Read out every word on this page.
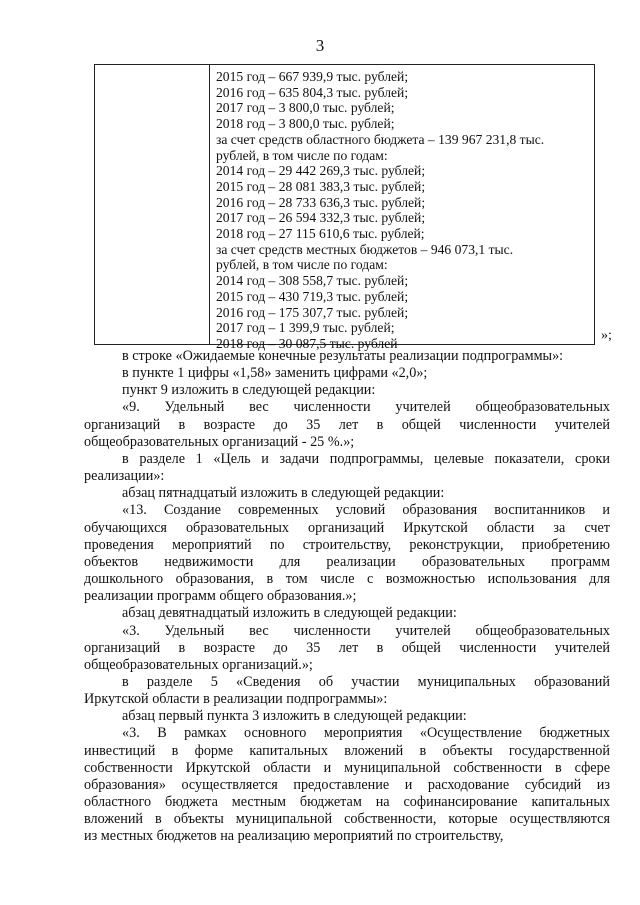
3
2015 год – 667 939,9 тыс. рублей;
2016 год – 635 804,3 тыс. рублей;
2017 год – 3 800,0 тыс. рублей;
2018 год – 3 800,0 тыс. рублей;
за счет средств областного бюджета – 139 967 231,8 тыс.
рублей, в том числе по годам:
2014 год – 29 442 269,3 тыс. рублей;
2015 год – 28 081 383,3 тыс. рублей;
2016 год – 28 733 636,3 тыс. рублей;
2017 год – 26 594 332,3 тыс. рублей;
2018 год – 27 115 610,6 тыс. рублей;
за счет средств местных бюджетов – 946 073,1 тыс.
рублей, в том числе по годам:
2014 год – 308 558,7 тыс. рублей;
2015 год – 430 719,3 тыс. рублей;
2016 год – 175 307,7 тыс. рублей;
2017 год – 1 399,9 тыс. рублей;
2018 год – 30 087,5 тыс. рублей
»;
в строке «Ожидаемые конечные результаты реализации подпрограммы»:
в пункте 1 цифры «1,58» заменить цифрами «2,0»;
пункт 9 изложить в следующей редакции:
«9. Удельный вес численности учителей общеобразовательных
организаций в возрасте до 35 лет в общей численности учителей
общеобразовательных организаций - 25 %.»;
в разделе 1 «Цель и задачи подпрограммы, целевые показатели, сроки
реализации»:
абзац пятнадцатый изложить в следующей редакции:
«13. Создание современных условий образования воспитанников и
обучающихся образовательных организаций Иркутской области за счет
проведения мероприятий по строительству, реконструкции, приобретению
объектов недвижимости для реализации образовательных программ
дошкольного образования, в том числе с возможностью использования для
реализации программ общего образования.»;
абзац девятнадцатый изложить в следующей редакции:
«3. Удельный вес численности учителей общеобразовательных
организаций в возрасте до 35 лет в общей численности учителей
общеобразовательных организаций.»;
в разделе 5 «Сведения об участии муниципальных образований
Иркутской области в реализации подпрограммы»:
абзац первый пункта 3 изложить в следующей редакции:
«3. В рамках основного мероприятия «Осуществление бюджетных
инвестиций в форме капитальных вложений в объекты государственной
собственности Иркутской области и муниципальной собственности в сфере
образования» осуществляется предоставление и расходование субсидий из
областного бюджета местным бюджетам на софинансирование капитальных
вложений в объекты муниципальной собственности, которые осуществляются
из местных бюджетов на реализацию мероприятий по строительству,
